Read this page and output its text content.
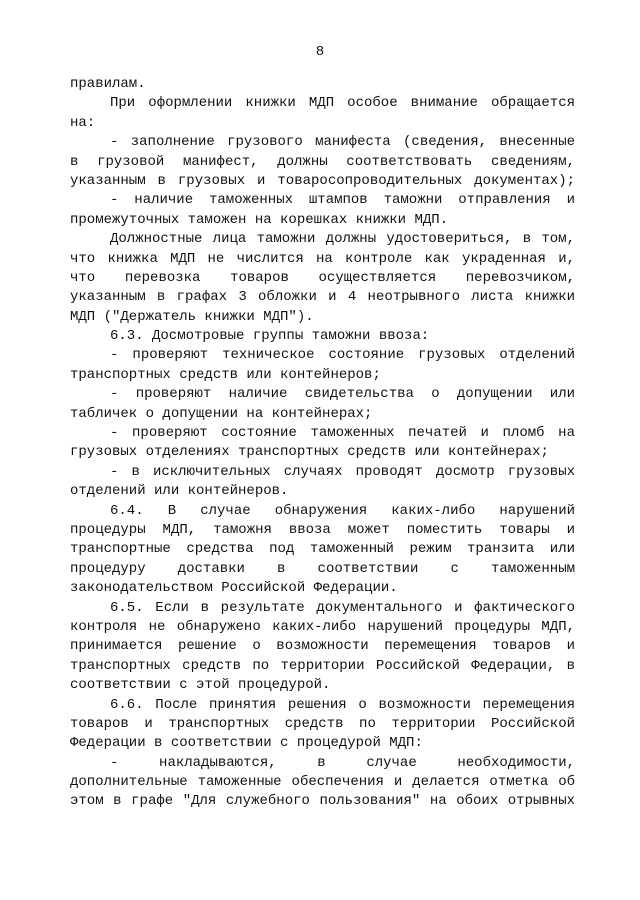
8
правилам.
При оформлении книжки МДП особое внимание обращается
на:
- заполнение грузового манифеста (сведения, внесенные
в грузовой манифест, должны соответствовать сведениям,
указанным в грузовых и товаросопроводительных документах);
- наличие таможенных штампов таможни отправления и
промежуточных таможен на корешках книжки МДП.
Должностные лица таможни должны удостовериться, в том,
что книжка МДП не числится на контроле как украденная и,
что перевозка товаров осуществляется перевозчиком,
указанным в графах 3 обложки и 4 неотрывного листа книжки
МДП ("Держатель книжки МДП").
6.3. Досмотровые группы таможни ввоза:
- проверяют техническое состояние грузовых отделений
транспортных средств или контейнеров;
- проверяют наличие свидетельства о допущении или
табличек о допущении на контейнерах;
- проверяют состояние таможенных печатей и пломб на
грузовых отделениях транспортных средств или контейнерах;
- в исключительных случаях проводят досмотр грузовых
отделений или контейнеров.
6.4. В случае обнаружения каких-либо нарушений
процедуры МДП, таможня ввоза может поместить товары и
транспортные средства под таможенный режим транзита или
процедуру доставки в соответствии с таможенным
законодательством Российской Федерации.
6.5. Если в результате документального и фактического
контроля не обнаружено каких-либо нарушений процедуры МДП,
принимается решение о возможности перемещения товаров и
транспортных средств по территории Российской Федерации, в
соответствии с этой процедурой.
6.6. После принятия решения о возможности перемещения
товаров и транспортных средств по территории Российской
Федерации в соответствии с процедурой МДП:
- накладываются, в случае необходимости,
дополнительные таможенные обеспечения и делается отметка об
этом в графе "Для служебного пользования" на обоих отрывных
